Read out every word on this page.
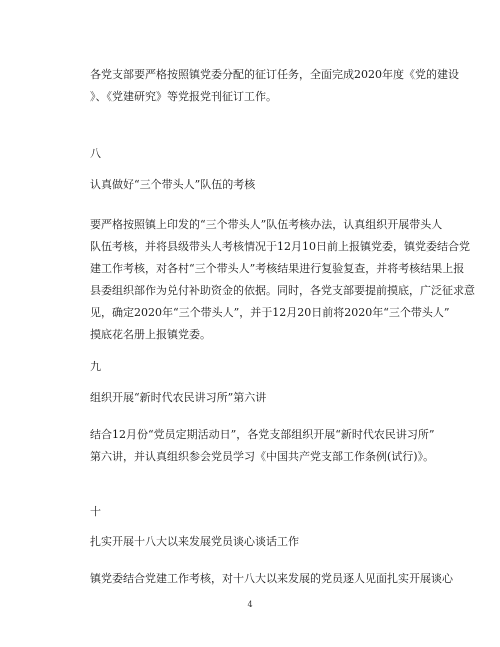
各党支部要严格按照镇党委分配的征订任务，全面完成2020年度《党的建设
》、《党建研究》等党报党刊征订工作。

八

认真做好“三个带头人”队伍的考核

要严格按照镇上印发的“三个带头人”队伍考核办法，认真组织开展带头人
队伍考核，并将县级带头人考核情况于12月10日前上报镇党委，镇党委结合党
建工作考核，对各村“三个带头人”考核结果进行复验复查，并将考核结果上报
县委组织部作为兑付补助资金的依据。同时，各党支部要提前摸底，广泛征求意
见，确定2020年“三个带头人”，并于12月20日前将2020年“三个带头人”
摸底花名册上报镇党委。

九

组织开展“新时代农民讲习所”第六讲

结合12月份“党员定期活动日”，各党支部组织开展“新时代农民讲习所”
第六讲，并认真组织参会党员学习《中国共产党支部工作条例(试行)》。

十

扎实开展十八大以来发展党员谈心谈话工作

镇党委结合党建工作考核，对十八大以来发展的党员逐人见面扎实开展谈心

4
